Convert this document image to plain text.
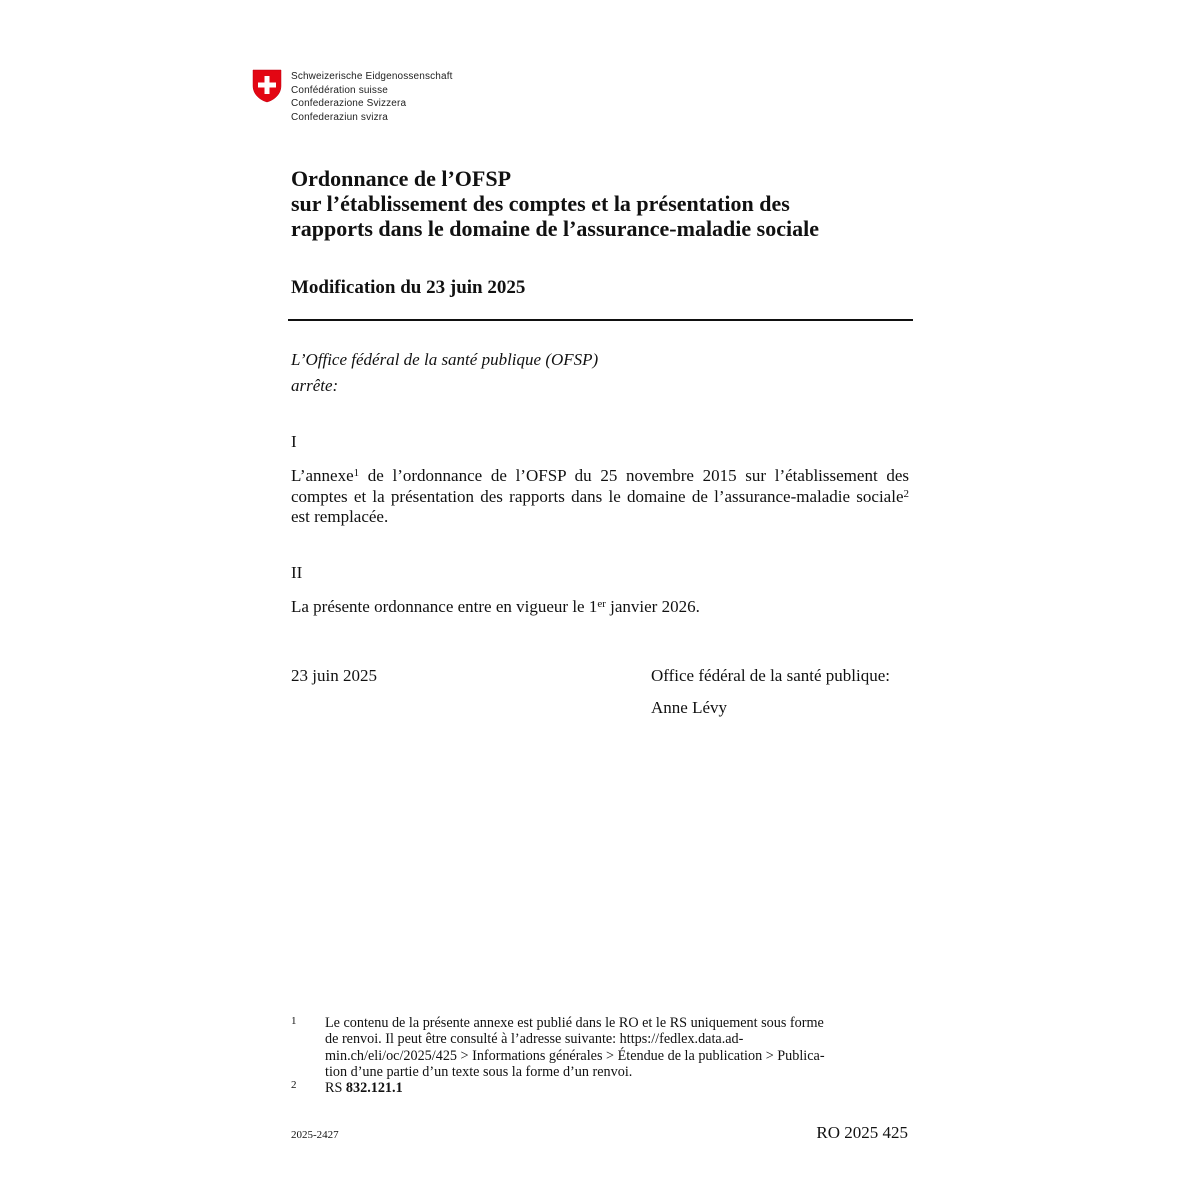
Schweizerische Eidgenossenschaft
Confédération suisse
Confederazione Svizzera
Confederaziun svizra
Ordonnance de l’OFSP
sur l’établissement des comptes et la présentation des
rapports dans le domaine de l’assurance-maladie sociale
Modification du 23 juin 2025
L’Office fédéral de la santé publique (OFSP)
arrête:
I
L’annexe$^1$ de l’ordonnance de l’OFSP du 25 novembre 2015 sur l’établissement des comptes et la présentation des rapports dans le domaine de l’assurance-maladie sociale$^2$ est remplacée.
II
La présente ordonnance entre en vigueur le 1er janvier 2026.
23 juin 2025	Office fédéral de la santé publique:
Anne Lévy
1 Le contenu de la présente annexe est publié dans le RO et le RS uniquement sous forme
de renvoi. Il peut être consulté à l’adresse suivante: https://fedlex.data.ad-
min.ch/eli/oc/2025/425 > Informations générales > Étendue de la publication > Publica-
tion d’une partie d’un texte sous la forme d’un renvoi.
2 RS 832.121.1
2025-2427	RO 2025 425
